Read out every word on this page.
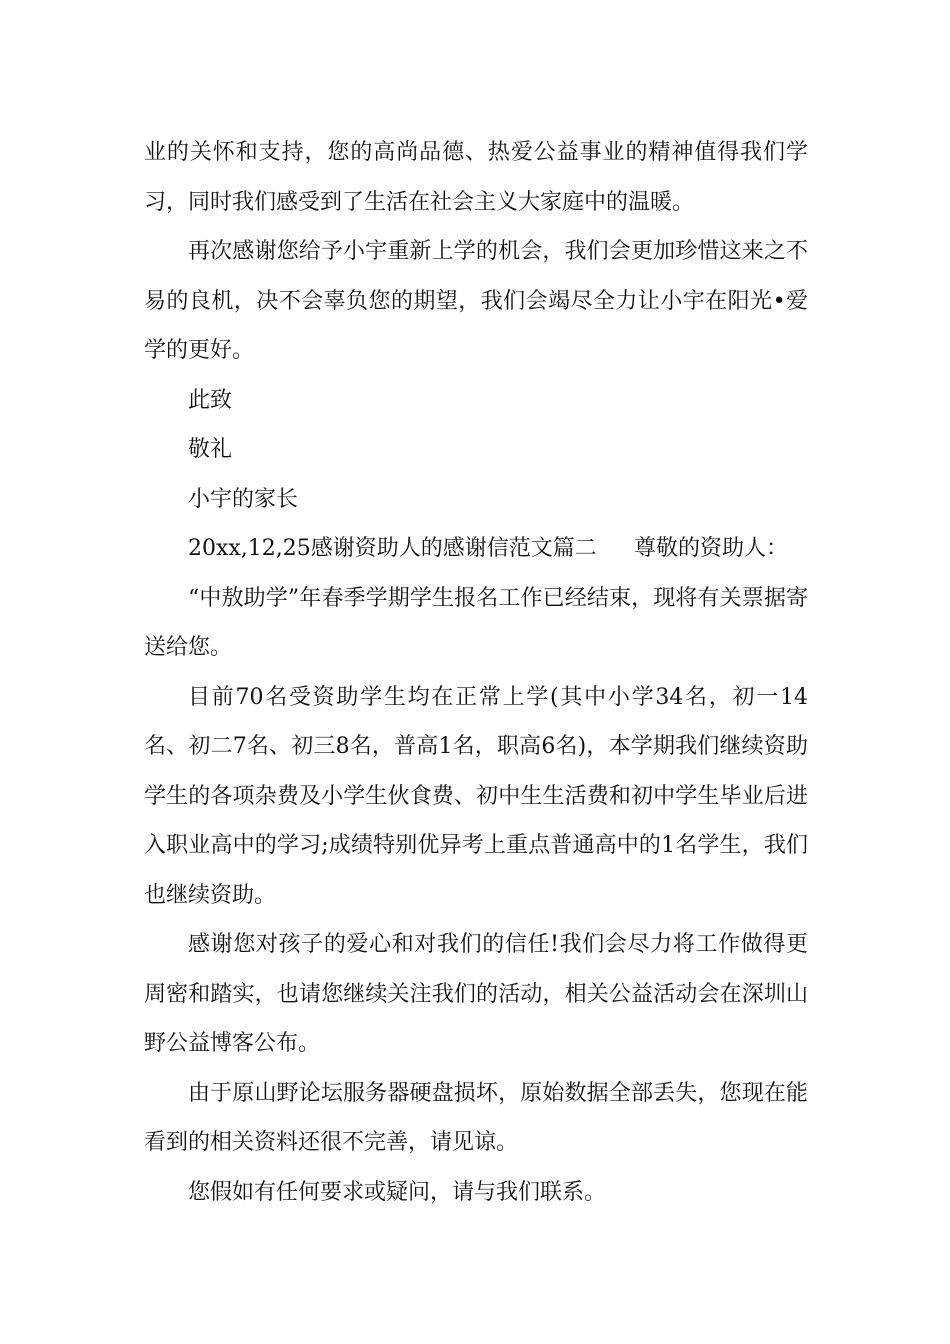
业的关怀和支持，您的高尚品德、热爱公益事业的精神值得我们学习，同时我们感受到了生活在社会主义大家庭中的温暖。

再次感谢您给予小宇重新上学的机会，我们会更加珍惜这来之不易的良机，决不会辜负您的期望，我们会竭尽全力让小宇在阳光•爱学的更好。

此致

敬礼

小宇的家长

20xx,12,25感谢资助人的感谢信范文篇二 尊敬的资助人：

“中敖助学”年春季学期学生报名工作已经结束，现将有关票据寄送给您。

目前70名受资助学生均在正常上学(其中小学34名，初一14名、初二7名、初三8名，普高1名，职高6名)，本学期我们继续资助学生的各项杂费及小学生伙食费、初中生生活费和初中学生毕业后进入职业高中的学习;成绩特别优异考上重点普通高中的1名学生，我们也继续资助。

感谢您对孩子的爱心和对我们的信任!我们会尽力将工作做得更周密和踏实，也请您继续关注我们的活动，相关公益活动会在深圳山野公益博客公布。

由于原山野论坛服务器硬盘损坏，原始数据全部丢失，您现在能看到的相关资料还很不完善，请见谅。

您假如有任何要求或疑问，请与我们联系。
